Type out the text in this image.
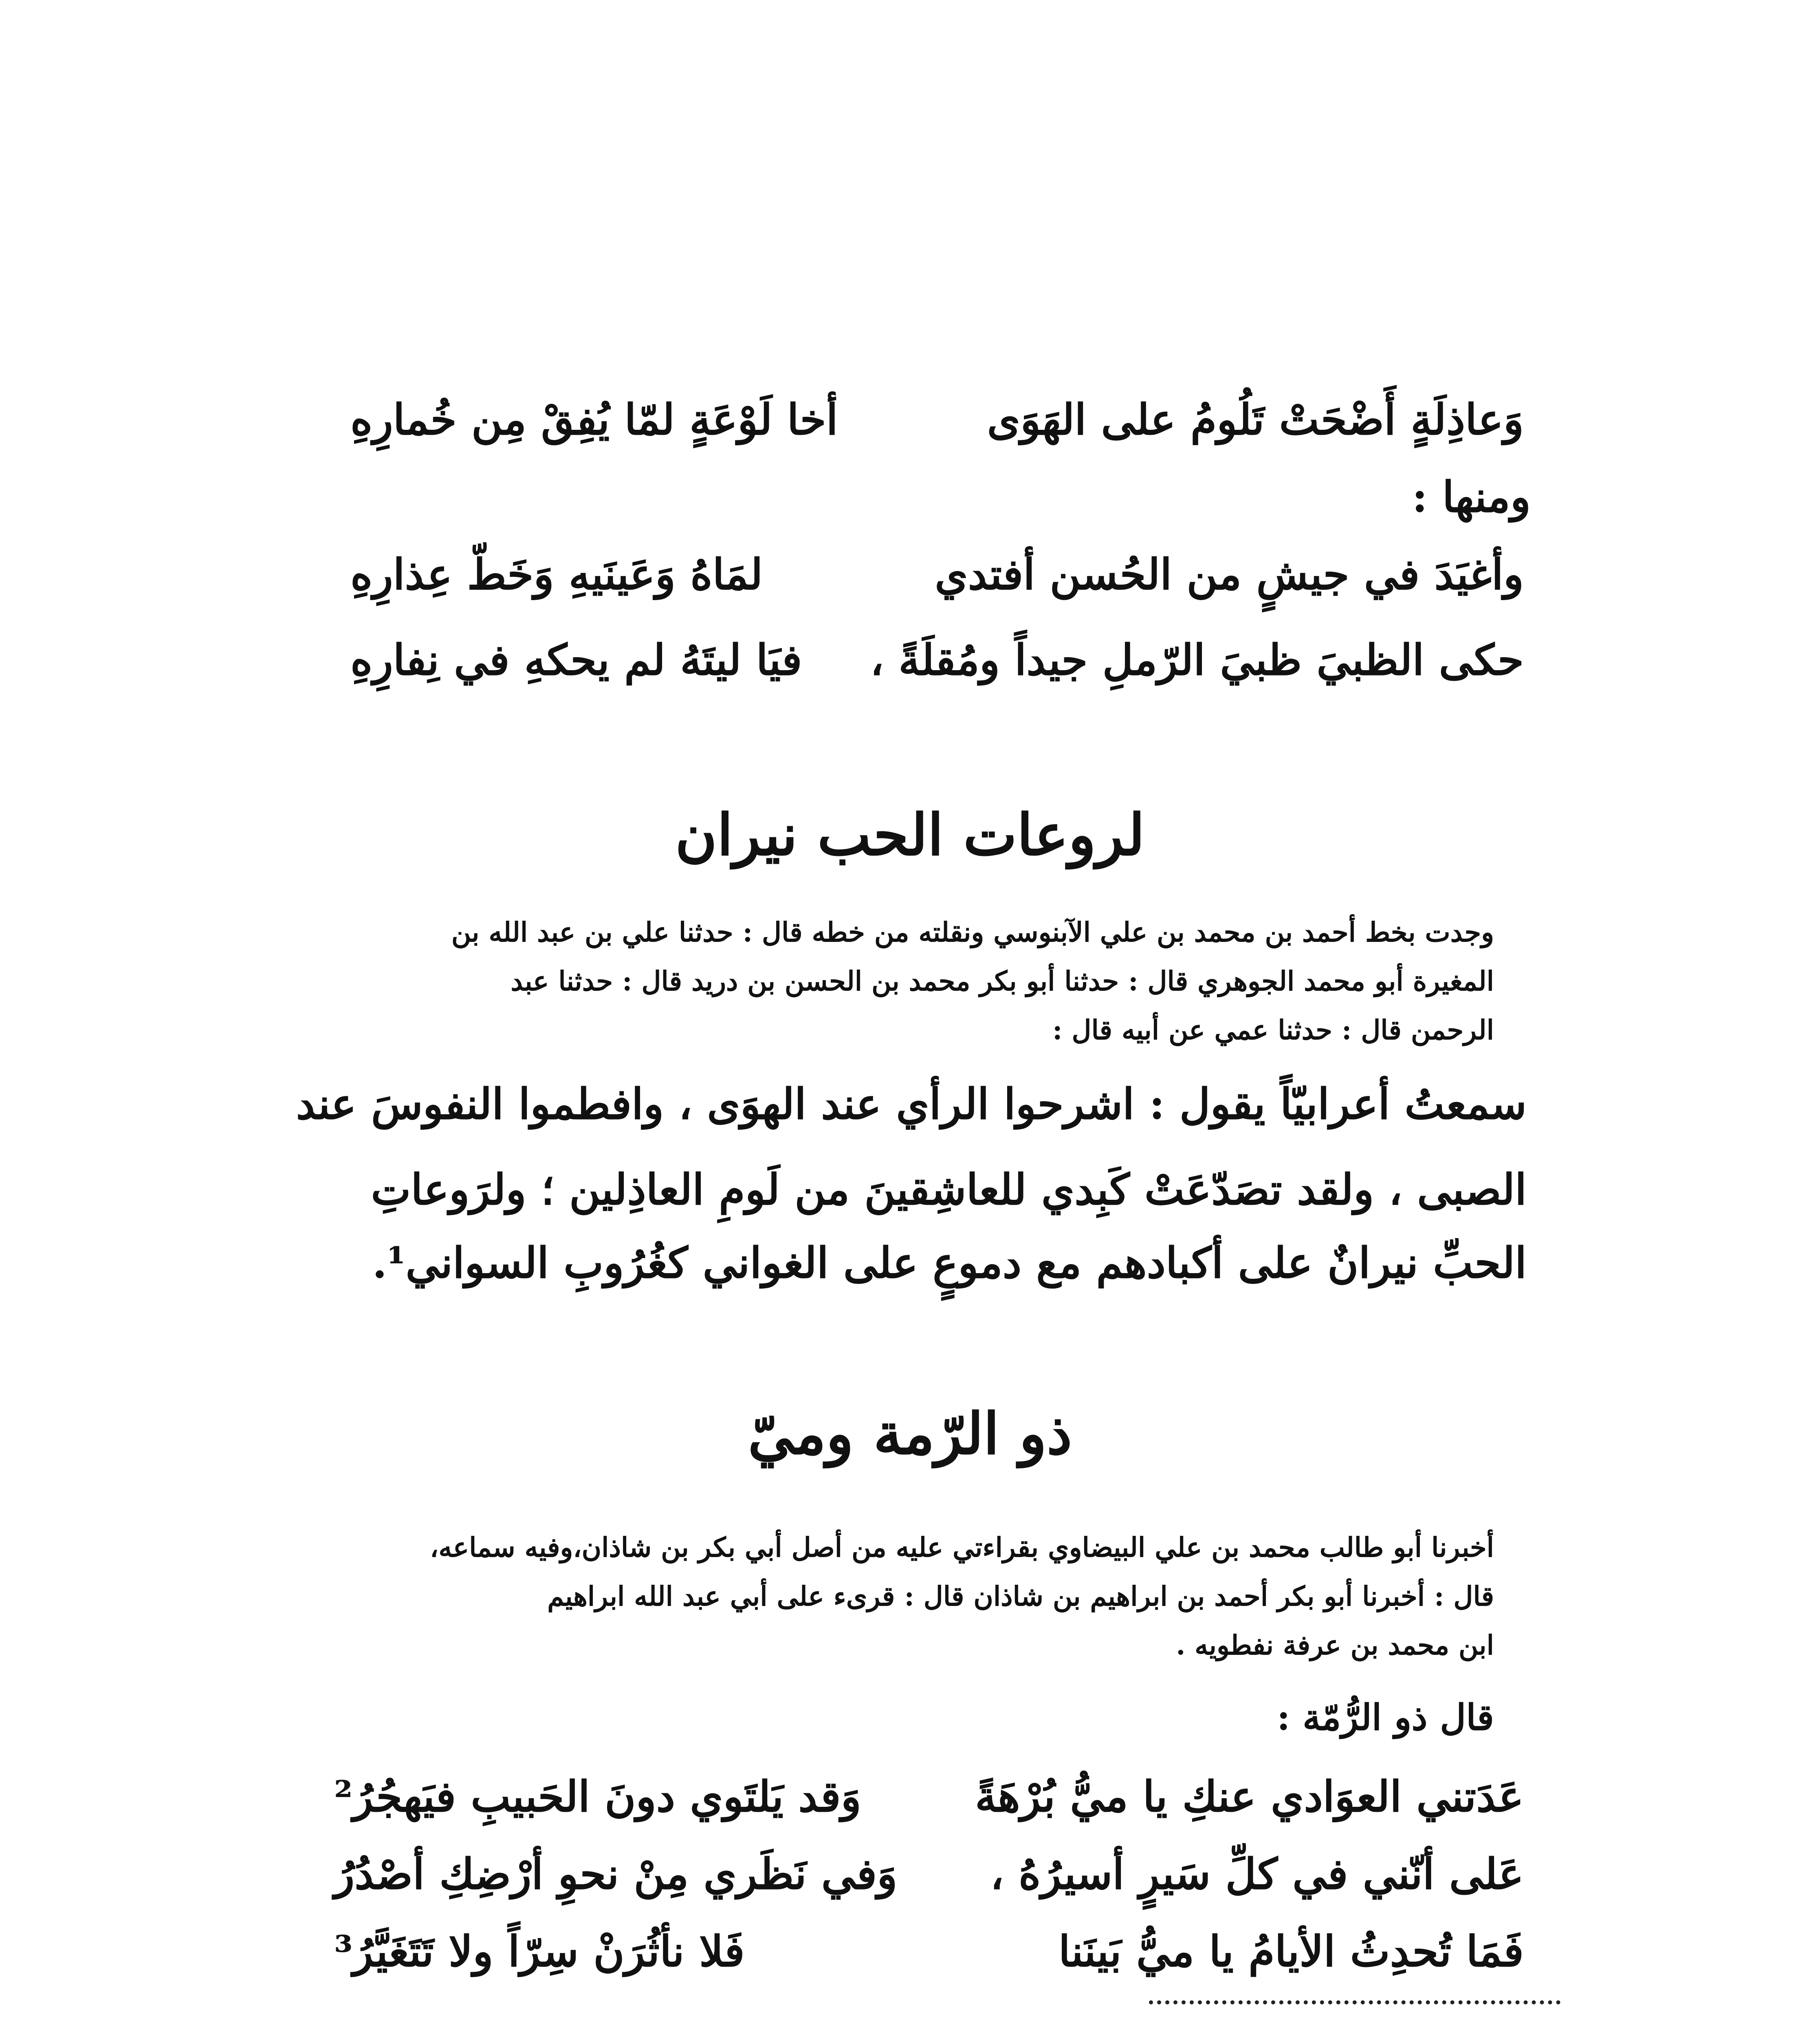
وَعاذِلَةٍ أَضْحَتْ تَلُومُ على الهَوَى
أخا لَوْعَةٍ لمّا يُفِقْ مِن خُمارِهِ
ومنها :
وأغيَدَ في جيشٍ من الحُسن أفتدي
لمَاهُ وَعَينَيهِ وَخَطّ عِذارِهِ
حكى الظبيَ ظبيَ الرّملِ جيداً ومُقلَةً ،
فيَا ليتَهُ لم يحكهِ في نِفارِهِ
لروعات الحب نيران
وجدت بخط أحمد بن محمد بن علي الآبنوسي ونقلته من خطه قال : حدثنا علي بن عبد الله بن
المغيرة أبو محمد الجوهري قال : حدثنا أبو بكر محمد بن الحسن بن دريد قال : حدثنا عبد
الرحمن قال : حدثنا عمي عن أبيه قال :
سمعتُ أعرابيّاً يقول : اشرحوا الرأي عند الهوَى ، وافطموا النفوسَ عند
الصبى ، ولقد تصَدّعَتْ كَبِدي للعاشِقينَ من لَومِ العاذِلين ؛ ولرَوعاتِ
الحبِّ نيرانٌ على أكبادهم مع دموعٍ على الغواني كغُرُوبِ السواني¹.
ذو الرّمة وميّ
أخبرنا أبو طالب محمد بن علي البيضاوي بقراءتي عليه من أصل أبي بكر بن شاذان،وفيه سماعه،
قال : أخبرنا أبو بكر أحمد بن ابراهيم بن شاذان قال : قرىء على أبي عبد الله ابراهيم
ابن محمد بن عرفة نفطويه .
قال ذو الرُّمّة :
عَدَتني العوَادي عنكِ يا ميُّ بُرْهَةً
وَقد يَلتَوي دونَ الحَبيبِ فيَهجُرُ²
عَلى أنّني في كلِّ سَيرٍ أسيرُهُ ،
وَفي نَظَري مِنْ نحوِ أرْضِكِ أصْدُرُ
فَمَا تُحدِثُ الأيامُ يا ميُّ بَينَنا
فَلا نأثُرَنْ سِرّاً ولا تَتَغَيَّرُ³
